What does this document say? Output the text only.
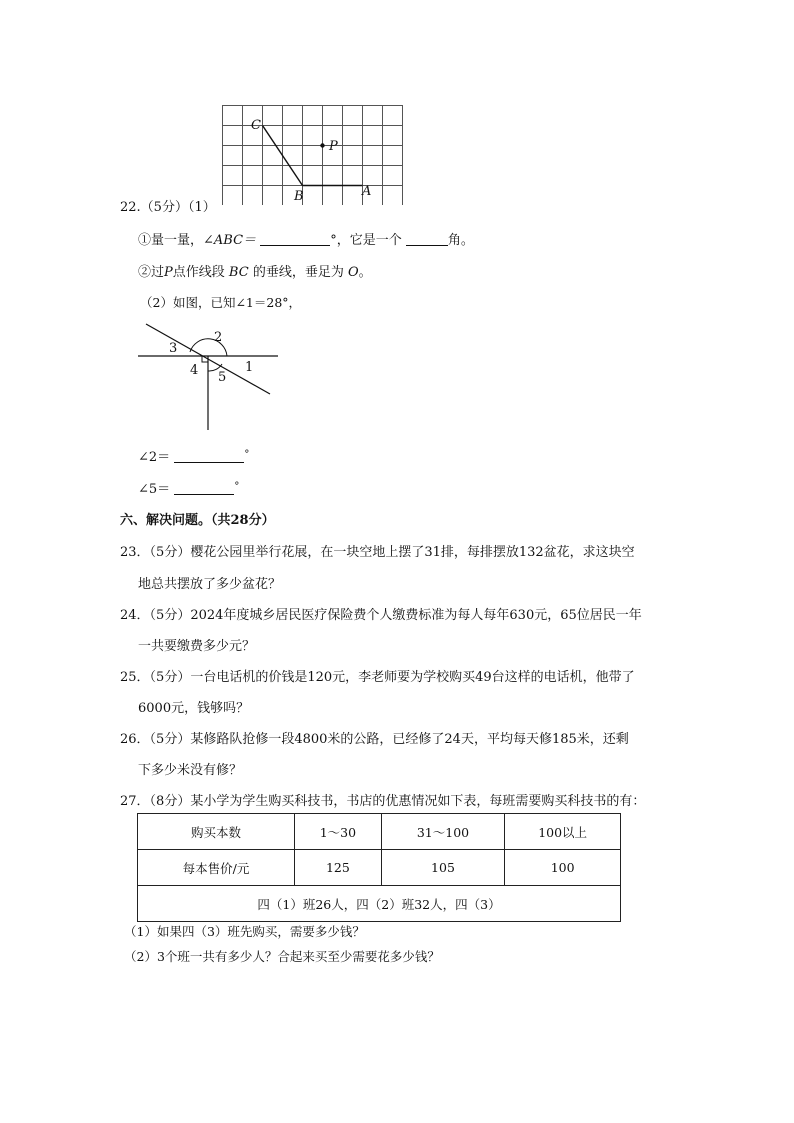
C
P
B	A
22.（5分）（1）
①量一量，∠ABC＝	°，它是一个	角。
②过P点作线段 BC 的垂线，垂足为 O。
（2）如图，已知∠1＝28°，
2
3
4 5
1
∠2＝	°
∠5＝	°
六、解决问题。（共28分）
23．（5分）樱花公园里举行花展，在一块空地上摆了31排，每排摆放132盆花，求这块空
地总共摆放了多少盆花？
24．（5分）2024年度城乡居民医疗保险费个人缴费标准为每人每年630元，65位居民一年
一共要缴费多少元？
25．（5分）一台电话机的价钱是120元，李老师要为学校购买49台这样的电话机，他带了
6000元，钱够吗？
26．（5分）某修路队抢修一段4800米的公路，已经修了24天，平均每天修185米，还剩
下多少米没有修？
27．（8分）某小学为学生购买科技书，书店的优惠情况如下表，每班需要购买科技书的有：
购买本数	1～30	31～100	100以上
每本售价/元	125	105	100
四（1）班26人，四（2）班32人，四（3）			
（1）如果四（3）班先购买，需要多少钱？
（2）3个班一共有多少人？合起来买至少需要花多少钱？
